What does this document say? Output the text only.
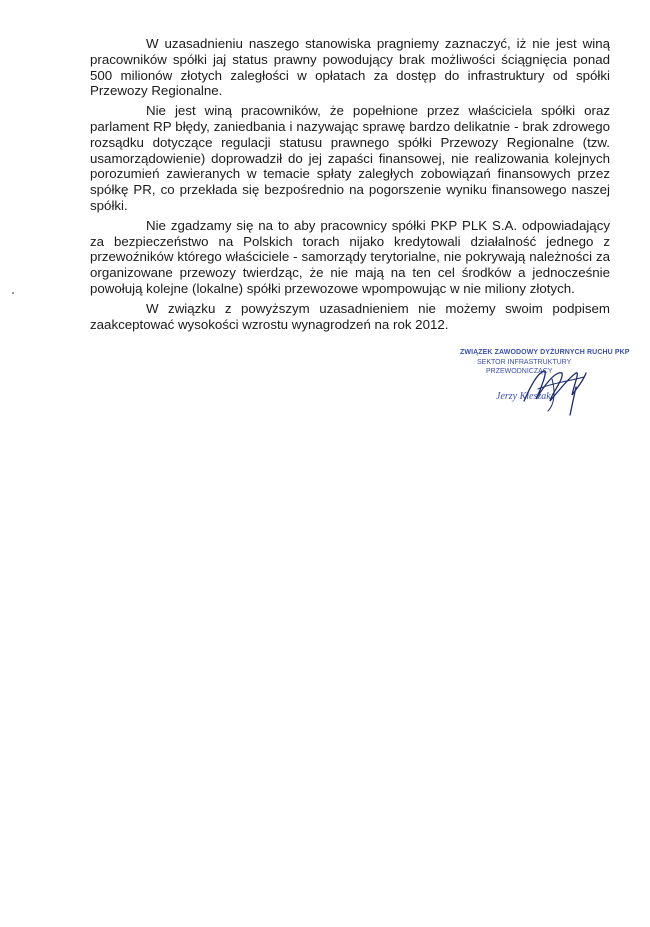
W uzasadnieniu naszego stanowiska pragniemy zaznaczyć, iż nie jest winą pracowników spółki jaj status prawny powodujący brak możliwości ściągnięcia ponad 500 milionów złotych zaległości w opłatach za dostęp do infrastruktury od spółki Przewozy Regionalne.

Nie jest winą pracowników, że popełnione przez właściciela spółki oraz parlament RP błędy, zaniedbania i nazywając sprawę bardzo delikatnie - brak zdrowego rozsądku dotyczące regulacji statusu prawnego spółki Przewozy Regionalne (tzw. usamorządowienie) doprowadził do jej zapaści finansowej, nie realizowania kolejnych porozumień zawieranych w temacie spłaty zaległych zobowiązań finansowych przez spółkę PR, co przekłada się bezpośrednio na pogorszenie wyniku finansowego naszej spółki.

Nie zgadzamy się na to aby pracownicy spółki PKP PLK S.A. odpowiadający za bezpieczeństwo na Polskich torach nijako kredytowali działalność jednego z przewoźników którego właściciele - samorządy terytorialne, nie pokrywają należności za organizowane przewozy twierdząc, że nie mają na ten cel środków a jednocześnie powołują kolejne (lokalne) spółki przewozowe wpompowując w nie miliony złotych.

W związku z powyższym uzasadnieniem nie możemy swoim podpisem zaakceptować wysokości wzrostu wynagrodzeń na rok 2012.

ZWIĄZEK ZAWODOWY DYŻURNYCH RUCHU PKP
SEKTOR INFRASTRUKTURY
PRZEWODNICZĄCY
Jerzy Kleszak
